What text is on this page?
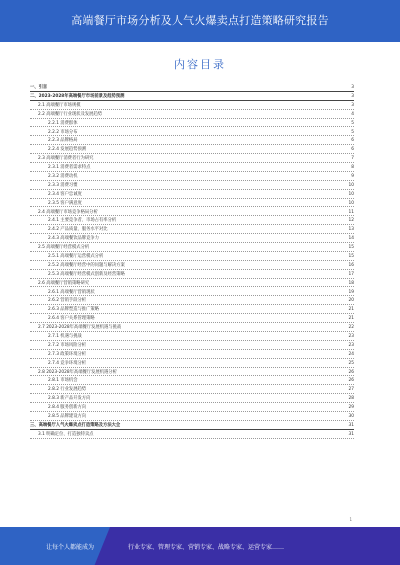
高端餐厅市场分析及人气火爆卖点打造策略研究报告
内容目录
一、引言	3
二、2023-2028年高端餐厅市场前景及趋势预测	3
2.1 高端餐厅市场规模	3
2.2 高端餐厅行业现状及发展趋势	4
2.2.1 消费群体	5
2.2.2 市场分布	5
2.2.3 品牌格局	6
2.2.4 发展趋势预测	6
2.3 高端餐厅消费者行为研究	7
2.3.1 消费者需求特点	8
2.3.2 消费动机	9
2.3.3 消费习惯	10
2.3.4 客户忠诚度	10
2.3.5 客户满意度	10
2.4 高端餐厅市场竞争格局分析	11
2.4.1 主要竞争者、市场占有率分析	12
2.4.2 产品质量、服务水平对比	13
2.4.3 高端餐饮品牌竞争力	14
2.5 高端餐厅经营模式分析	15
2.5.1 高端餐厅运营模式分析	15
2.5.2 高端餐厅经营中的问题与解决方案	16
2.5.3 高端餐厅经营模式创新及经营策略	17
2.6 高端餐厅营销策略研究	18
2.6.1 高端餐厅营销现状	19
2.6.2 营销手段分析	20
2.6.3 品牌塑造与推广策略	21
2.6.4 客户关系管理策略	21
2.7 2023-2028年高端餐厅发展机遇与挑战	22
2.7.1 机遇与挑战	23
2.7.2 市场风险分析	23
2.7.3 政策环境分析	24
2.7.4 竞争环境分析	25
2.8 2023-2028年高端餐厅发展机遇分析	26
2.8.1 市场机会	26
2.8.2 行业发展趋势	27
2.8.3 新产品开发方向	28
2.8.4 服务创新方向	29
2.8.5 品牌建设方向	30
三、高端餐厅人气火爆卖点打造策略及方法大全	31
3.1 明确定位、打造独特卖点	31
1
让每个人都能成为	行业专家、管理专家、营销专家、战略专家、运营专家……
